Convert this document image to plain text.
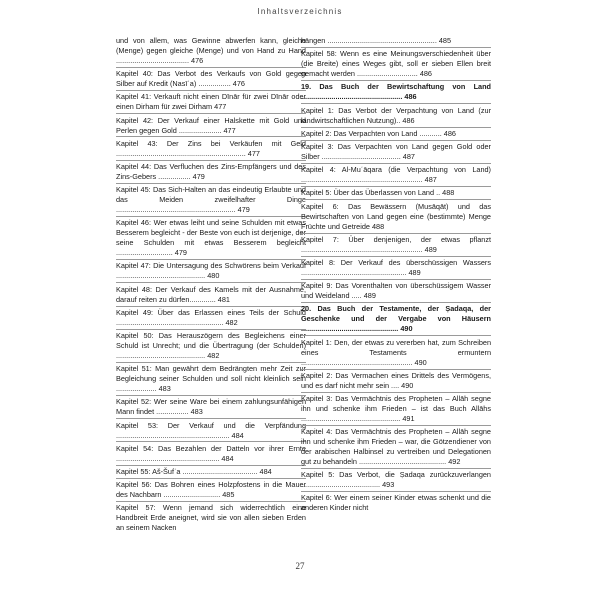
Inhaltsverzeichnis
und von allem, was Gewinne abwerfen kann, gleiche (Menge) gegen gleiche (Menge) und von Hand zu Hand .................................... 476
Kapitel 40: Das Verbot des Verkaufs von Gold gegen Silber auf Kredit (Nasīʾa) ................ 476
Kapitel 41: Verkauft nicht einen Dīnār für zwei Dīnār oder einen Dirham für zwei Dirham 477
Kapitel 42: Der Verkauf einer Halskette mit Gold und Perlen gegen Gold ..................... 477
Kapitel 43: Der Zins bei Verkäufen mit Geld ................................................................ 477
Kapitel 44: Das Verfluchen des Zins-Empfängers und des Zins-Gebers ................ 479
Kapitel 45: Das Sich-Halten an das eindeutig Erlaubte und das Meiden zweifelhafter Dinge ........................................................... 479
Kapitel 46: Wer etwas leiht und seine Schulden mit etwas Besserem begleicht - der Beste von euch ist derjenige, der seine Schulden mit etwas Besserem begleicht ............................ 479
Kapitel 47: Die Untersagung des Schwörens beim Verkauf ............................................ 480
Kapitel 48: Der Verkauf des Kamels mit der Ausnahme, darauf reiten zu dürfen............. 481
Kapitel 49: Über das Erlassen eines Teils der Schuld ..................................................... 482
Kapitel 50: Das Herauszögern des Begleichens einer Schuld ist Unrecht; und die Übertragung (der Schulden) ............................................ 482
Kapitel 51: Man gewährt dem Bedrängten mehr Zeit zur Begleichung seiner Schulden und soll nicht kleinlich sein .................... 483
Kapitel 52: Wer seine Ware bei einem zahlungsunfähigen Mann findet ................ 483
Kapitel 53: Der Verkauf und die Verpfändung ........................................................ 484
Kapitel 54: Das Bezahlen der Datteln vor ihrer Ernte ................................................... 484
Kapitel 55: Aš-Šufʿa ..................................... 484
Kapitel 56: Das Bohren eines Holzpfostens in die Mauer des Nachbarn ............................ 485
Kapitel 57: Wenn jemand sich widerrechtlich eine Handbreit Erde aneignet, wird sie von allen sieben Erden an seinem Nacken
hängen ...................................................... 485
Kapitel 58: Wenn es eine Meinungsverschiedenheit über (die Breite) eines Weges gibt, soll er sieben Ellen breit gemacht werden .............................. 486
19. Das Buch der Bewirtschaftung von Land .................................................. 486
Kapitel 1: Das Verbot der Verpachtung von Land (zur landwirtschaftlichen Nutzung).. 486
Kapitel 2: Das Verpachten von Land ........... 486
Kapitel 3: Das Verpachten von Land gegen Gold oder Silber ....................................... 487
Kapitel 4: Al-Muʿāqara (die Verpachtung von Land) ............................................................ 487
Kapitel 5: Über das Überlassen von Land .. 488
Kapitel 6: Das Bewässern (Musāqāt) und das Bewirtschaften von Land gegen eine (bestimmte) Menge Früchte und Getreide 488
Kapitel 7: Über denjenigen, der etwas pflanzt ............................................................ 489
Kapitel 8: Der Verkauf des überschüssigen Wassers .................................................... 489
Kapitel 9: Das Vorenthalten von überschüssigem Wasser und Weideland ..... 489
20. Das Buch der Testamente, der Ṣadaqa, der Geschenke und der Vergabe von Häusern ................................................ 490
Kapitel 1: Den, der etwas zu vererben hat, zum Schreiben eines Testaments ermuntern ....................................................... 490
Kapitel 2: Das Vermachen eines Drittels des Vermögens, und es darf nicht mehr sein .... 490
Kapitel 3: Das Vermächtnis des Propheten – Allāh segne ihn und schenke ihm Frieden – ist das Buch Allāhs ................................................. 491
Kapitel 4: Das Vermächtnis des Propheten – Allāh segne ihn und schenke ihm Frieden – war, die Götzendiener von der arabischen Halbinsel zu vertreiben und Delegationen gut zu behandeln ........................................... 492
Kapitel 5: Das Verbot, die Ṣadaqa zurückzuverlangen ....................................... 493
Kapitel 6: Wer einem seiner Kinder etwas schenkt und die anderen Kinder nicht
27
